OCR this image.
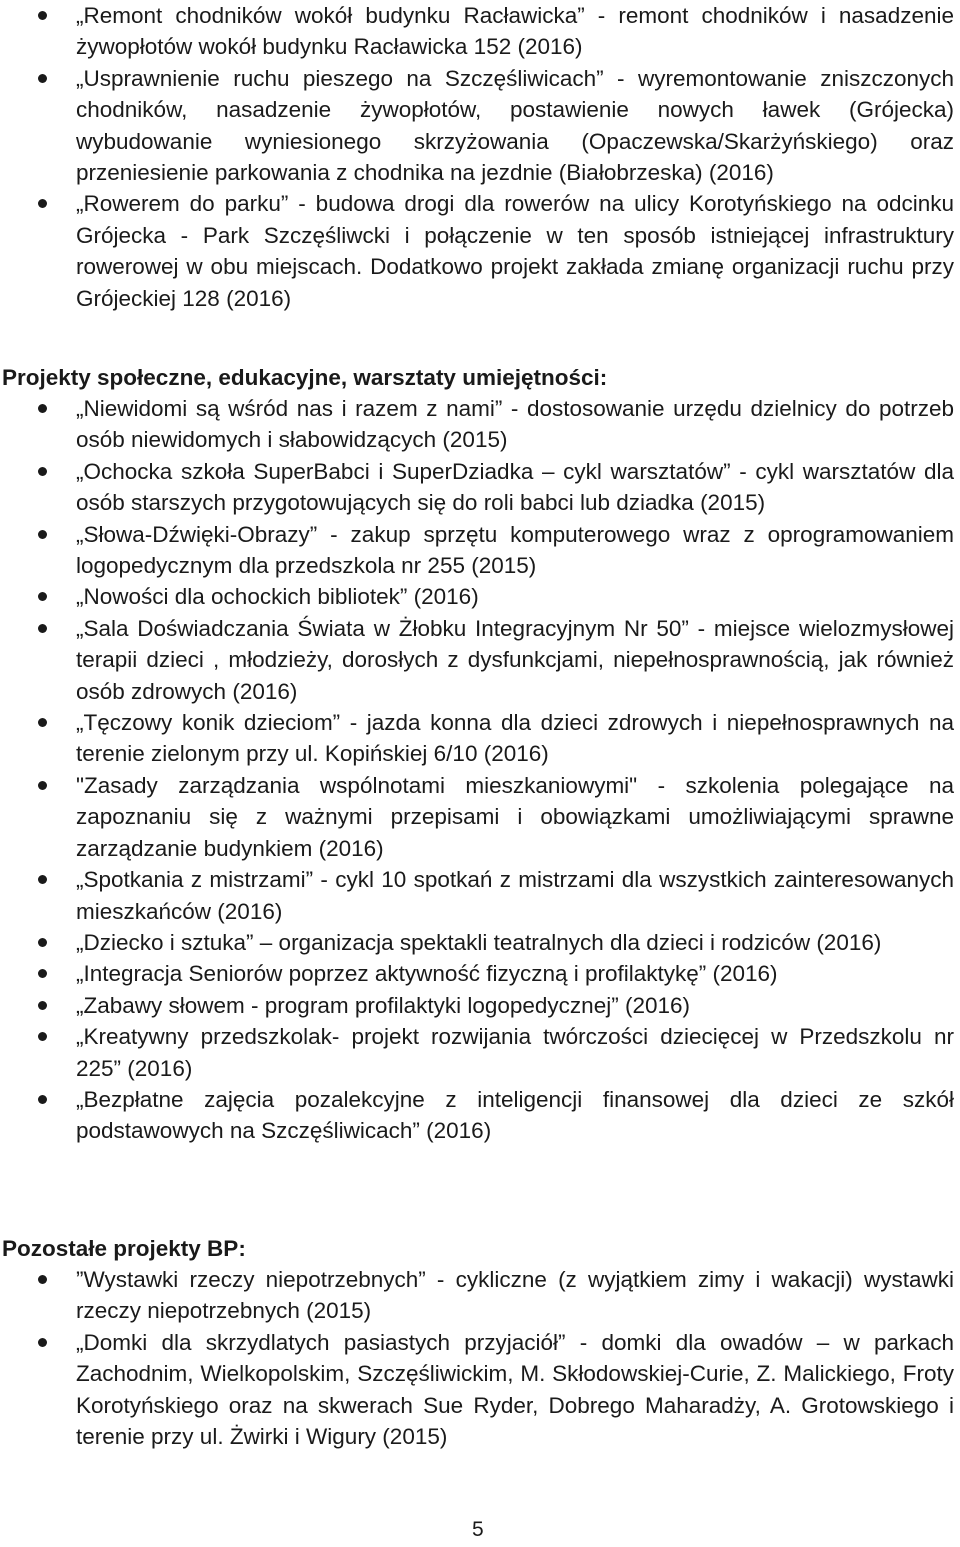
„Remont chodników wokół budynku Racławicka” - remont chodników i nasadzenie żywopłotów wokół budynku Racławicka 152 (2016)
„Usprawnienie ruchu pieszego na Szczęśliwicach” - wyremontowanie zniszczonych chodników, nasadzenie żywopłotów, postawienie nowych ławek (Grójecka) wybudowanie wyniesionego skrzyżowania (Opaczewska/Skarżyńskiego) oraz przeniesienie parkowania z chodnika na jezdnie (Białobrzeska) (2016)
„Rowerem do parku” - budowa drogi dla rowerów na ulicy Korotyńskiego na odcinku Grójecka - Park Szczęśliwcki i połączenie w ten sposób istniejącej infrastruktury rowerowej w obu miejscach. Dodatkowo projekt zakłada zmianę organizacji ruchu przy Grójeckiej 128 (2016)

Projekty społeczne, edukacyjne, warsztaty umiejętności:

„Niewidomi są wśród nas i razem z nami” - dostosowanie urzędu dzielnicy do potrzeb osób niewidomych i słabowidzących (2015)
„Ochocka szkoła SuperBabci i SuperDziadka – cykl warsztatów” - cykl warsztatów dla osób starszych przygotowujących się do roli babci lub dziadka (2015)
„Słowa-Dźwięki-Obrazy” - zakup sprzętu komputerowego wraz z oprogramowaniem logopedycznym dla przedszkola nr 255 (2015)
„Nowości dla ochockich bibliotek” (2016)
„Sala Doświadczania Świata w Żłobku Integracyjnym Nr 50” - miejsce wielozmysłowej terapii dzieci , młodzieży, dorosłych z dysfunkcjami, niepełnosprawnością, jak również osób zdrowych (2016)
„Tęczowy konik dzieciom” - jazda konna dla dzieci zdrowych i niepełnosprawnych na terenie zielonym przy ul. Kopińskiej 6/10 (2016)
"Zasady zarządzania wspólnotami mieszkaniowymi" - szkolenia polegające na zapoznaniu się z ważnymi przepisami i obowiązkami umożliwiającymi sprawne zarządzanie budynkiem (2016)
„Spotkania z mistrzami” - cykl 10 spotkań z mistrzami dla wszystkich zainteresowanych mieszkańców (2016)
„Dziecko i sztuka” – organizacja spektakli teatralnych dla dzieci i rodziców (2016)
„Integracja Seniorów poprzez aktywność fizyczną i profilaktykę” (2016)
„Zabawy słowem - program profilaktyki logopedycznej” (2016)
„Kreatywny przedszkolak- projekt rozwijania twórczości dziecięcej w Przedszkolu nr 225” (2016)
„Bezpłatne zajęcia pozalekcyjne z inteligencji finansowej dla dzieci ze szkół podstawowych na Szczęśliwicach” (2016)

Pozostałe projekty BP:

”Wystawki rzeczy niepotrzebnych” - cykliczne (z wyjątkiem zimy i wakacji) wystawki rzeczy niepotrzebnych (2015)
„Domki dla skrzydlatych pasiastych przyjaciół” - domki dla owadów – w parkach Zachodnim, Wielkopolskim, Szczęśliwickim, M. Skłodowskiej-Curie, Z. Malickiego, Froty Korotyńskiego oraz na skwerach Sue Ryder, Dobrego Maharadży, A. Grotowskiego i terenie przy ul. Żwirki i Wigury (2015)
5
